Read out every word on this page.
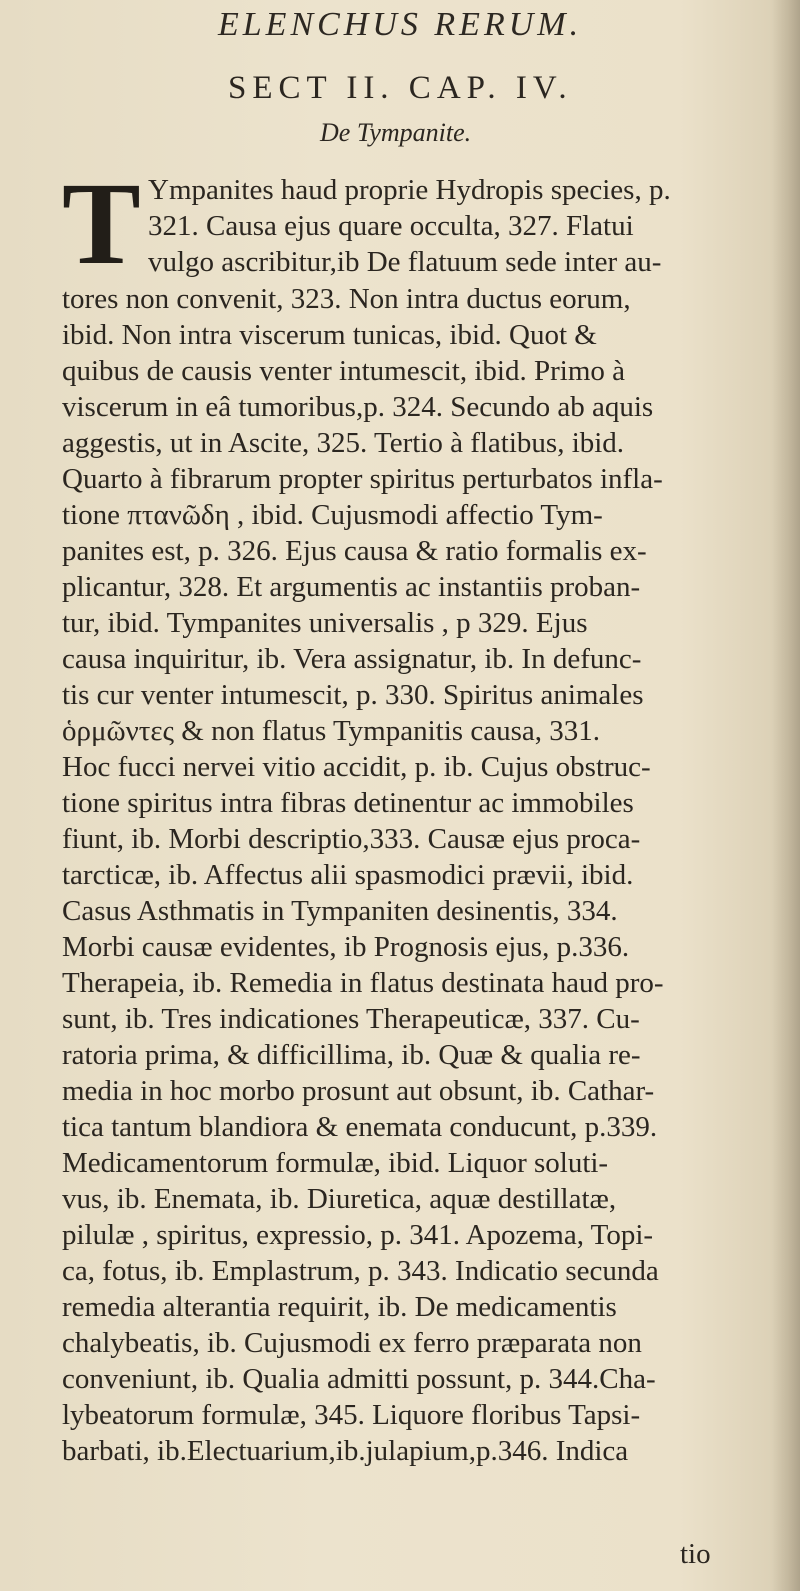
ELENCHUS RERUM.
SECT II. CAP. IV.
De Tympanite.
T Ympanites haud proprie Hydropis species, p.
321. Causa ejus quare occulta, 327. Flatui
vulgo ascribitur,ib De flatuum sede inter au-
tores non convenit, 323. Non intra ductus eorum,
ibid. Non intra viscerum tunicas, ibid. Quot &
quibus de causis venter intumescit, ibid. Primo à
viscerum in eâ tumoribus,p. 324. Secundo ab aquis
aggestis, ut in Ascite, 325. Tertio à flatibus, ibid.
Quarto à fibrarum propter spiritus perturbatos infla-
tione πτανῶδη , ibid. Cujusmodi affectio Tym-
panites est, p. 326. Ejus causa & ratio formalis ex-
plicantur, 328. Et argumentis ac instantiis proban-
tur, ibid. Tympanites universalis , p 329. Ejus
causa inquiritur, ib. Vera assignatur, ib. In defunc-
tis cur venter intumescit, p. 330. Spiritus animales
ὁρμῶντες & non flatus Tympanitis causa, 331.
Hoc fucci nervei vitio accidit, p. ib. Cujus obstruc-
tione spiritus intra fibras detinentur ac immobiles
fiunt, ib. Morbi descriptio,333. Causæ ejus proca-
tarcticæ, ib. Affectus alii spasmodici prævii, ibid.
Casus Asthmatis in Tympaniten desinentis, 334.
Morbi causæ evidentes, ib Prognosis ejus, p.336.
Therapeia, ib. Remedia in flatus destinata haud pro-
sunt, ib. Tres indicationes Therapeuticæ, 337. Cu-
ratoria prima, & difficillima, ib. Quæ & qualia re-
media in hoc morbo prosunt aut obsunt, ib. Cathar-
tica tantum blandiora & enemata conducunt, p.339.
Medicamentorum formulæ, ibid. Liquor soluti-
vus, ib. Enemata, ib. Diuretica, aquæ destillatæ,
pilulæ , spiritus, expressio, p. 341. Apozema, Topi-
ca, fotus, ib. Emplastrum, p. 343. Indicatio secunda
remedia alterantia requirit, ib. De medicamentis
chalybeatis, ib. Cujusmodi ex ferro præparata non
conveniunt, ib. Qualia admitti possunt, p. 344.Cha-
lybeatorum formulæ, 345. Liquore floribus Tapsi-
barbati, ib.Electuarium,ib.julapium,p.346. Indica
tio
